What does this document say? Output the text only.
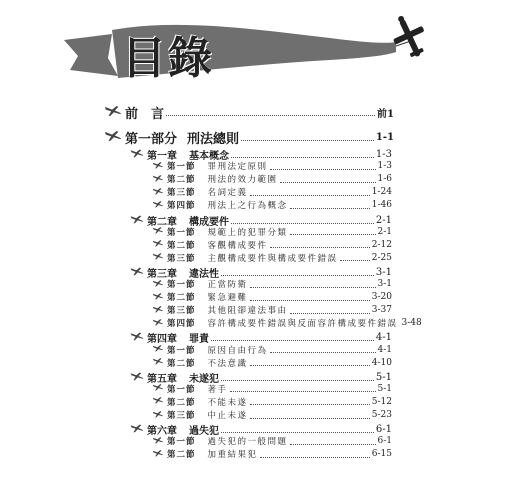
目錄
前　言	前1
第一部分 刑法總則	1-1
第一章 基本概念	1-3
第一節 罪刑法定原則	1-3
第二節 刑法的效力範圍	1-6
第三節 名詞定義	1-24
第四節 刑法上之行為概念	1-46
第二章 構成要件	2-1
第一節 規範上的犯罪分類	2-1
第二節 客觀構成要件	2-12
第三節 主觀構成要件與構成要件錯誤	2-25
第三章 違法性	3-1
第一節 正當防衛	3-1
第二節 緊急避難	3-20
第三節 其他阻卻違法事由	3-37
第四節 容許構成要件錯誤與反面容許構成要件錯誤 3-48
第四章 罪責	4-1
第一節 原因自由行為	4-1
第二節 不法意識	4-10
第五章 未遂犯	5-1
第一節 著手	5-1
第二節 不能未遂	5-12
第三節 中止未遂	5-23
第六章 過失犯	6-1
第一節 過失犯的一般問題	6-1
第二節 加重結果犯	6-15
